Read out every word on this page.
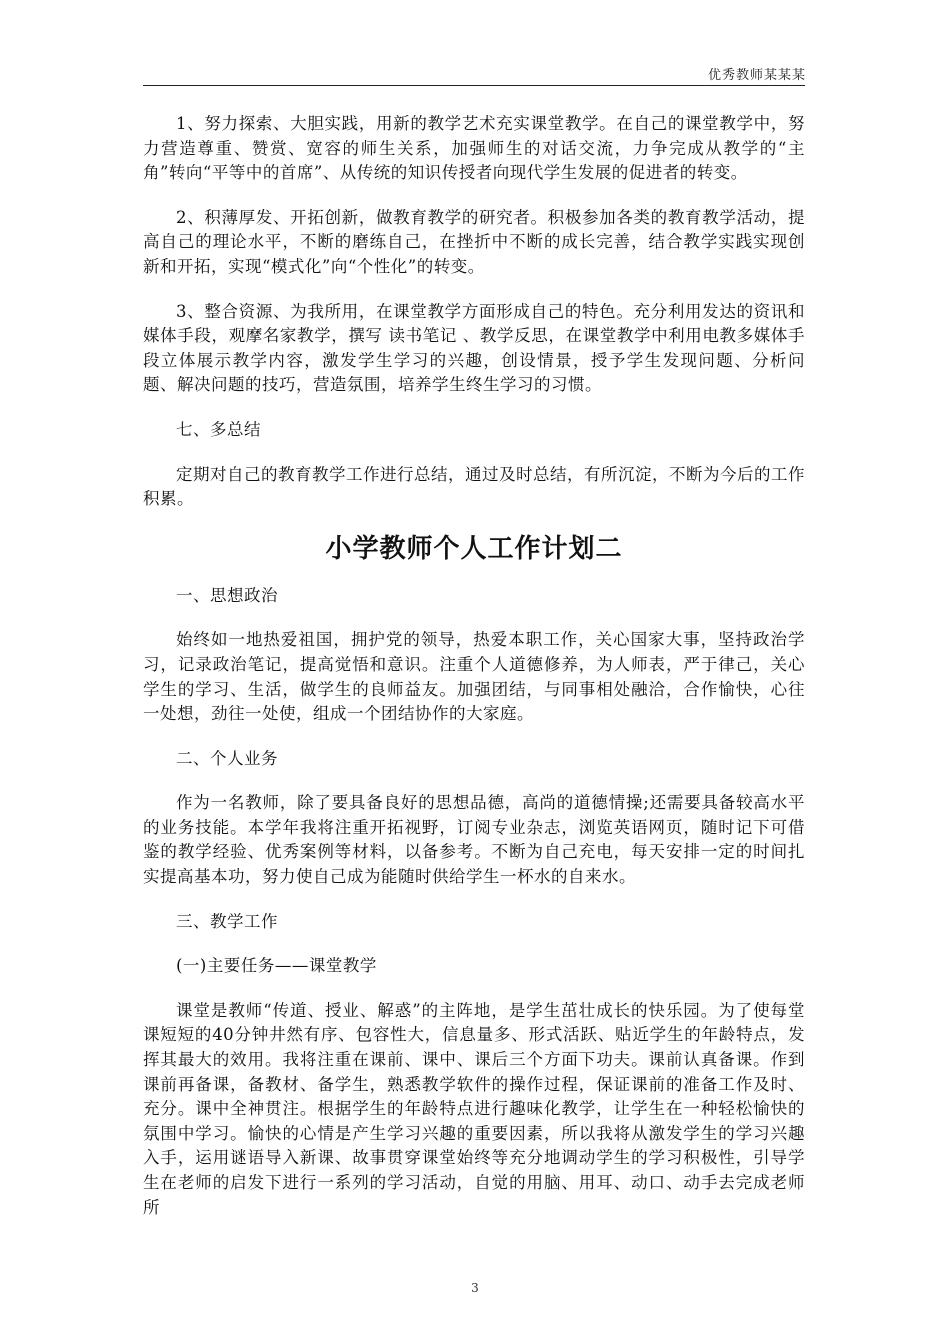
优秀教师某某某

1、努力探索、大胆实践，用新的教学艺术充实课堂教学。在自己的课堂教学中，努力营造尊重、赞赏、宽容的师生关系，加强师生的对话交流，力争完成从教学的“主角”转向“平等中的首席”、从传统的知识传授者向现代学生发展的促进者的转变。

2、积薄厚发、开拓创新，做教育教学的研究者。积极参加各类的教育教学活动，提高自己的理论水平，不断的磨练自己，在挫折中不断的成长完善，结合教学实践实现创新和开拓，实现“模式化”向“个性化”的转变。

3、整合资源、为我所用，在课堂教学方面形成自己的特色。充分利用发达的资讯和媒体手段，观摩名家教学，撰写 读书笔记 、教学反思，在课堂教学中利用电教多媒体手段立体展示教学内容，激发学生学习的兴趣，创设情景，授予学生发现问题、分析问题、解决问题的技巧，营造氛围，培养学生终生学习的习惯。

七、多总结

定期对自己的教育教学工作进行总结，通过及时总结，有所沉淀，不断为今后的工作积累。

小学教师个人工作计划二

一、思想政治

始终如一地热爱祖国，拥护党的领导，热爱本职工作，关心国家大事，坚持政治学习，记录政治笔记，提高觉悟和意识。注重个人道德修养，为人师表，严于律己，关心学生的学习、生活，做学生的良师益友。加强团结，与同事相处融洽，合作愉快，心往一处想，劲往一处使，组成一个团结协作的大家庭。

二、个人业务

作为一名教师，除了要具备良好的思想品德，高尚的道德情操;还需要具备较高水平的业务技能。本学年我将注重开拓视野，订阅专业杂志，浏览英语网页，随时记下可借鉴的教学经验、优秀案例等材料，以备参考。不断为自己充电，每天安排一定的时间扎实提高基本功，努力使自己成为能随时供给学生一杯水的自来水。

三、教学工作

(一)主要任务——课堂教学

课堂是教师“传道、授业、解惑”的主阵地，是学生茁壮成长的快乐园。为了使每堂课短短的40分钟井然有序、包容性大，信息量多、形式活跃、贴近学生的年龄特点，发挥其最大的效用。我将注重在课前、课中、课后三个方面下功夫。课前认真备课。作到课前再备课，备教材、备学生，熟悉教学软件的操作过程，保证课前的准备工作及时、充分。课中全神贯注。根据学生的年龄特点进行趣味化教学，让学生在一种轻松愉快的氛围中学习。愉快的心情是产生学习兴趣的重要因素，所以我将从激发学生的学习兴趣入手，运用谜语导入新课、故事贯穿课堂始终等充分地调动学生的学习积极性，引导学生在老师的启发下进行一系列的学习活动，自觉的用脑、用耳、动口、动手去完成老师所

3
